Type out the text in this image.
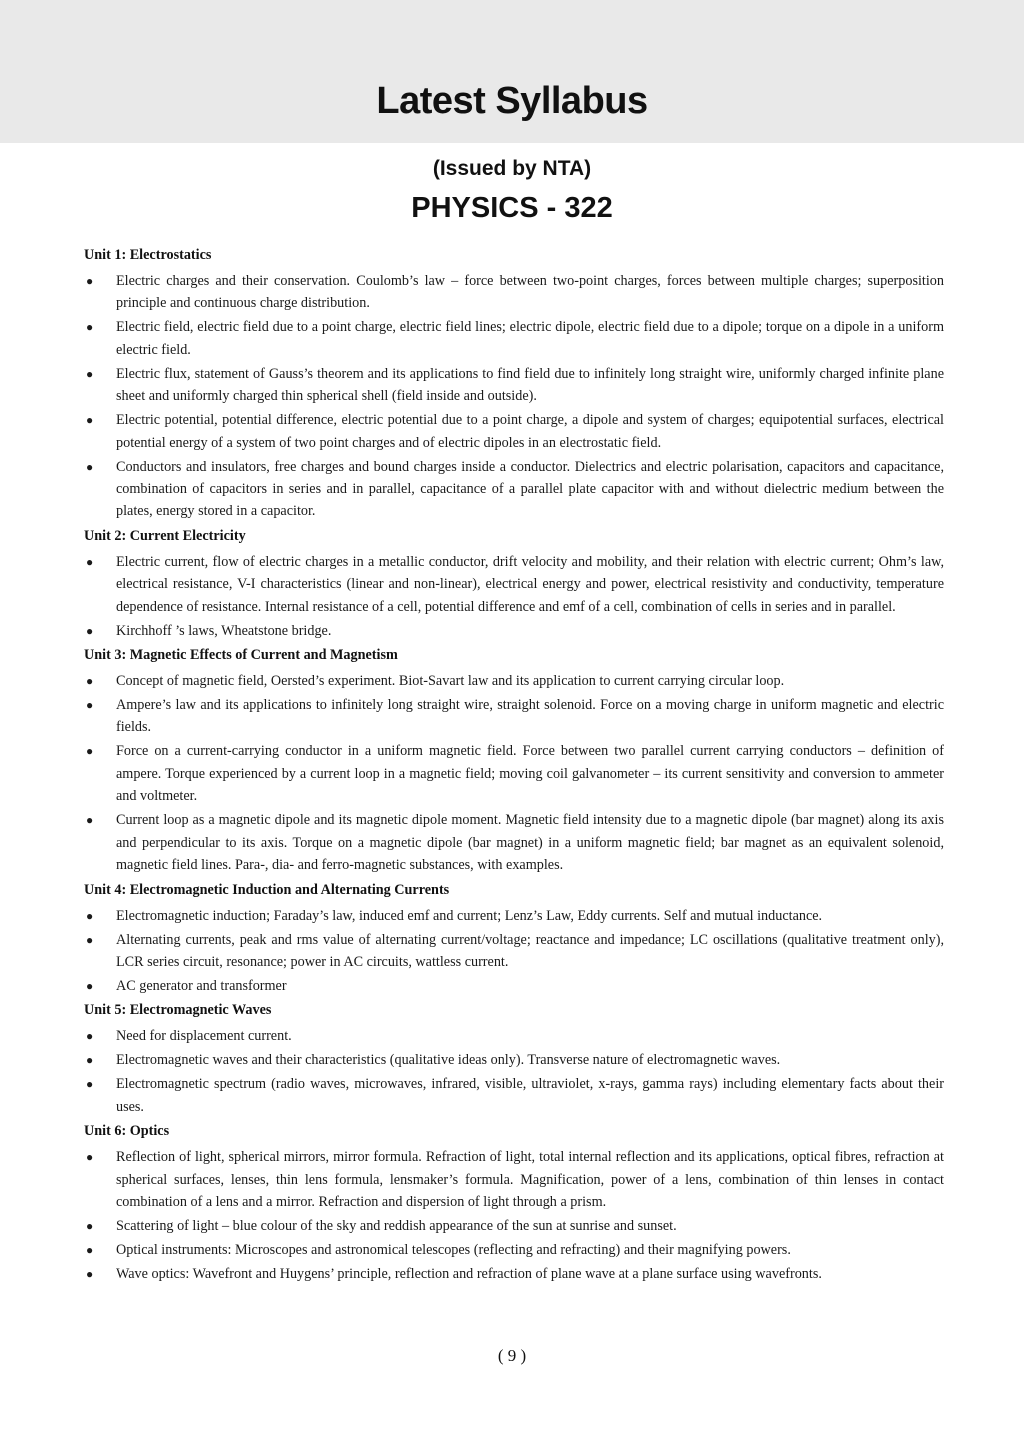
Latest Syllabus
(Issued by NTA)
PHYSICS - 322
Unit 1: Electrostatics
● Electric charges and their conservation. Coulomb’s law – force between two-point charges, forces between multiple charges; superposition principle and continuous charge distribution.
● Electric field, electric field due to a point charge, electric field lines; electric dipole, electric field due to a dipole; torque on a dipole in a uniform electric field.
● Electric flux, statement of Gauss’s theorem and its applications to find field due to infinitely long straight wire, uniformly charged infinite plane sheet and uniformly charged thin spherical shell (field inside and outside).
● Electric potential, potential difference, electric potential due to a point charge, a dipole and system of charges; equipotential surfaces, electrical potential energy of a system of two point charges and of electric dipoles in an electrostatic field.
● Conductors and insulators, free charges and bound charges inside a conductor. Dielectrics and electric polarisation, capacitors and capacitance, combination of capacitors in series and in parallel, capacitance of a parallel plate capacitor with and without dielectric medium between the plates, energy stored in a capacitor.
Unit 2: Current Electricity
● Electric current, flow of electric charges in a metallic conductor, drift velocity and mobility, and their relation with electric current; Ohm’s law, electrical resistance, V-I characteristics (linear and non-linear), electrical energy and power, electrical resistivity and conductivity, temperature dependence of resistance. Internal resistance of a cell, potential difference and emf of a cell, combination of cells in series and in parallel.
● Kirchhoff ’s laws, Wheatstone bridge.
Unit 3: Magnetic Effects of Current and Magnetism
● Concept of magnetic field, Oersted’s experiment. Biot-Savart law and its application to current carrying circular loop.
● Ampere’s law and its applications to infinitely long straight wire, straight solenoid. Force on a moving charge in uniform magnetic and electric fields.
● Force on a current-carrying conductor in a uniform magnetic field. Force between two parallel current carrying conductors – definition of ampere. Torque experienced by a current loop in a magnetic field; moving coil galvanometer – its current sensitivity and conversion to ammeter and voltmeter.
● Current loop as a magnetic dipole and its magnetic dipole moment. Magnetic field intensity due to a magnetic dipole (bar magnet) along its axis and perpendicular to its axis. Torque on a magnetic dipole (bar magnet) in a uniform magnetic field; bar magnet as an equivalent solenoid, magnetic field lines. Para-, dia- and ferro-magnetic substances, with examples.
Unit 4: Electromagnetic Induction and Alternating Currents
● Electromagnetic induction; Faraday’s law, induced emf and current; Lenz’s Law, Eddy currents. Self and mutual inductance.
● Alternating currents, peak and rms value of alternating current/voltage; reactance and impedance; LC oscillations (qualitative treatment only), LCR series circuit, resonance; power in AC circuits, wattless current.
● AC generator and transformer
Unit 5: Electromagnetic Waves
● Need for displacement current.
● Electromagnetic waves and their characteristics (qualitative ideas only). Transverse nature of electromagnetic waves.
● Electromagnetic spectrum (radio waves, microwaves, infrared, visible, ultraviolet, x-rays, gamma rays) including elementary facts about their uses.
Unit 6: Optics
● Reflection of light, spherical mirrors, mirror formula. Refraction of light, total internal reflection and its applications, optical fibres, refraction at spherical surfaces, lenses, thin lens formula, lensmaker’s formula. Magnification, power of a lens, combination of thin lenses in contact combination of a lens and a mirror. Refraction and dispersion of light through a prism.
● Scattering of light – blue colour of the sky and reddish appearance of the sun at sunrise and sunset.
● Optical instruments: Microscopes and astronomical telescopes (reflecting and refracting) and their magnifying powers.
● Wave optics: Wavefront and Huygens’ principle, reflection and refraction of plane wave at a plane surface using wavefronts.
( 9 )
